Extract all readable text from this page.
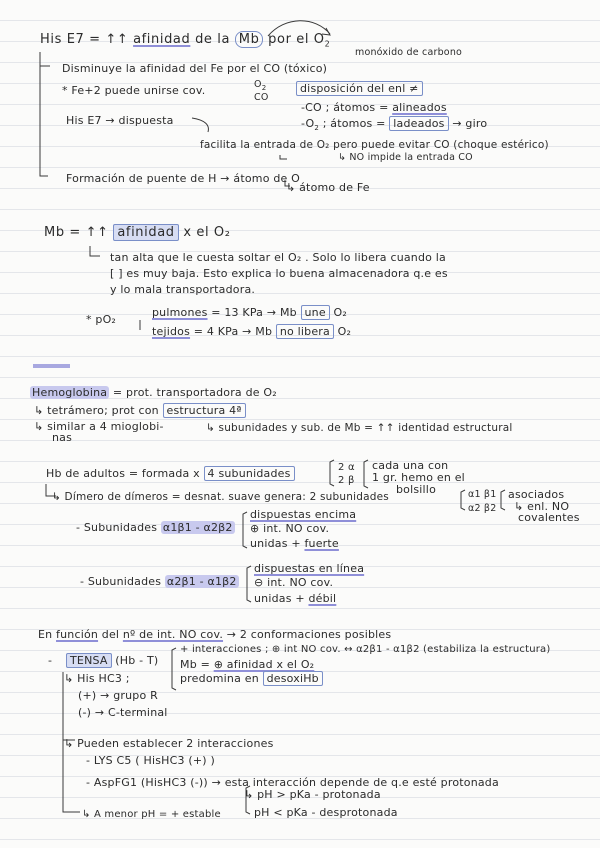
His E7 = ↑↑ afinidad de la Mb por el $O_2$
monóxido de carbono
Disminuye la afinidad del Fe por el CO (tóxico)
* Fe+2 puede unirse cov.	$O_2$
CO
disposición del enl ≠
-CO ; átomos = alineados
$-O_2$ ; átomos = ladeados → giro
His E7 → dispuesta
facilita la entrada de O₂ pero puede evitar CO (choque estérico)
↳ NO impide la entrada CO
Formación de puente de H → átomo de O
↳ átomo de Fe
Mb = ↑↑ afinidad x el O₂
tan alta que le cuesta soltar el O₂ . Solo lo libera cuando la
[ ] es muy baja. Esto explica lo buena almacenadora q.e es
y lo mala transportadora.
* pO₂
pulmones = 13 KPa → Mb une O₂
tejidos = 4 KPa → Mb no libera O₂
Hemoglobina = prot. transportadora de O₂
↳ tetrámero; prot con estructura 4ª
↳ similar a 4 mioglobi-
nas
↳ subunidades y sub. de Mb = ↑↑ identidad estructural
Hb de adultos = formada x 4 subunidades	2 α
2 β
cada una con
1 gr. hemo en el
bolsillo
↳ Dímero de dímeros = desnat. suave genera: 2 subunidades	α1 β1
α2 β2
asociados
↳ enl. NO
covalentes
- Subunidades α1β1 - α2β2
dispuestas encima
⊕ int. NO cov.
unidas + fuerte
- Subunidades α2β1 - α1β2
dispuestas en línea
⊖ int. NO cov.
unidas + débil
En función del nº de int. NO cov. → 2 conformaciones posibles
-	TENSA (Hb - T)
+ interacciones ; ⊕ int NO cov. ↔ α2β1 - α1β2 (estabiliza la estructura)
Mb = ⊕ afinidad x el O₂
predomina en desoxiHb
↳ His HC3 ;
(+) → grupo R
(-) → C-terminal
↳ Pueden establecer 2 interacciones
- LYS C5 ( HisHC3 (+) )
- AspFG1 (HisHC3 (-)) → esta interacción depende de q.e esté protonada
↳ pH > pKa - protonada
pH < pKa - desprotonada
↳ A menor pH = + estable
